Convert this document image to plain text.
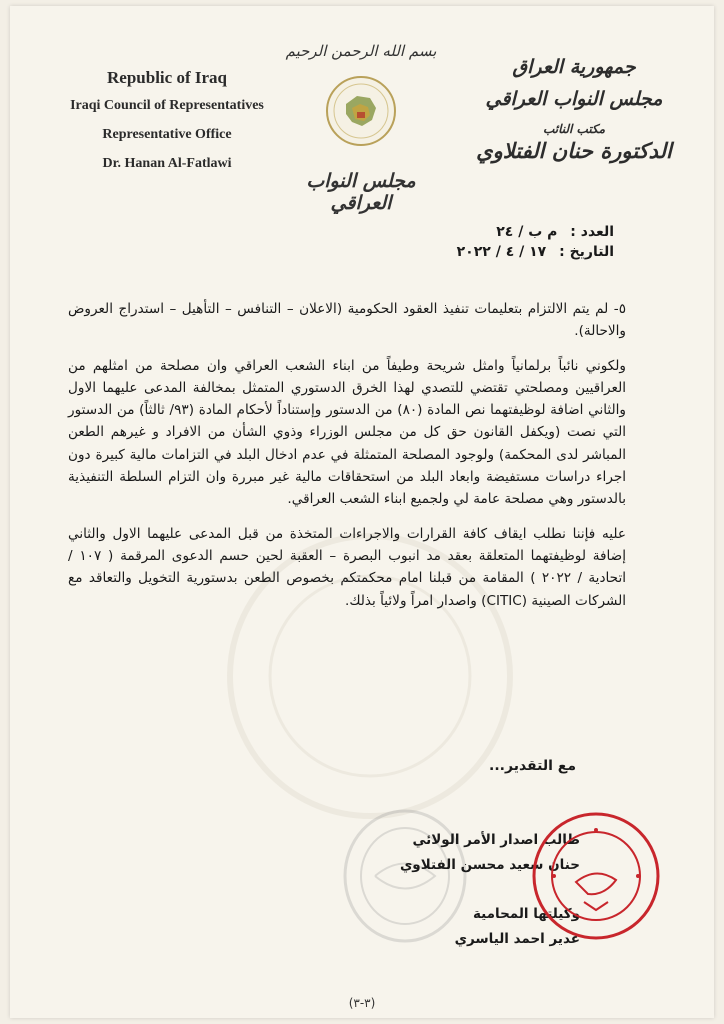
Republic of Iraq
Iraqi Council of Representatives
Representative Office
Dr. Hanan Al-Fatlawi
بسم الله الرحمن الرحيم
مجلس النواب العراقي
جمهورية العراق
مجلس النواب العراقي
مكتب النائب
الدكتورة حنان الفتلاوي
العدد : م ب / ٢٤
التاريخ : ١٧ / ٤ / ٢٠٢٢

٥- لم يتم الالتزام بتعليمات تنفيذ العقود الحكومية (الاعلان – التنافس – التأهيل – استدراج العروض والاحالة).

ولكوني نائباً برلمانياً وامثل شريحة وطيفاً من ابناء الشعب العراقي وان مصلحة من امثلهم من العراقيين ومصلحتي تقتضي للتصدي لهذا الخرق الدستوري المتمثل بمخالفة المدعى عليهما الاول والثاني اضافة لوظيفتهما نص المادة (٨٠) من الدستور وإستناداً لأحكام المادة (٩٣/ ثالثاً) من الدستور التي نصت (ويكفل القانون حق كل من مجلس الوزراء وذوي الشأن من الافراد و غيرهم الطعن المباشر لدى المحكمة) ولوجود المصلحة المتمثلة في عدم ادخال البلد في التزامات مالية كبيرة دون اجراء دراسات مستفيضة وابعاد البلد من استحقاقات مالية غير مبررة وان التزام السلطة التنفيذية بالدستور وهي مصلحة عامة لي ولجميع ابناء الشعب العراقي.

عليه فإننا نطلب ايقاف كافة القرارات والاجراءات المتخذة من قبل المدعى عليهما الاول والثاني إضافة لوظيفتهما المتعلقة بعقد مد انبوب البصرة – العقبة لحين حسم الدعوى المرقمة ( ١٠٧ / اتحادية / ٢٠٢٢ ) المقامة من قبلنا امام محكمتكم بخصوص الطعن بدستورية التخويل والتعاقد مع الشركات الصينية (CITIC) واصدار امراً ولائياً بذلك.

مع التقدير...
طالب اصدار الأمر الولائي
حنان سعيد محسن الفتلاوي
وكيلتها المحامية
غدير احمد الياسري
(٣-٣)
